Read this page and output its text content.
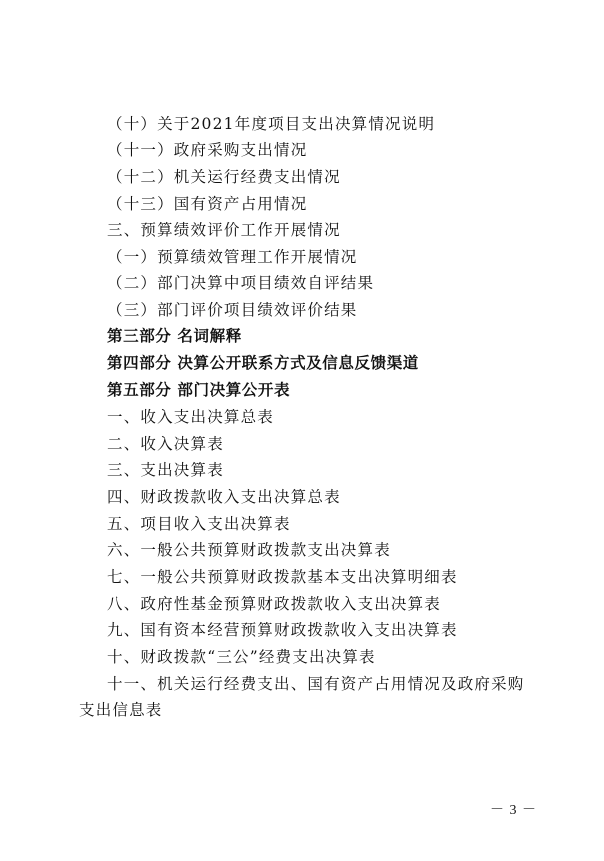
（十）关于2021年度项目支出决算情况说明
（十一）政府采购支出情况
（十二）机关运行经费支出情况
（十三）国有资产占用情况
三、预算绩效评价工作开展情况
（一）预算绩效管理工作开展情况
（二）部门决算中项目绩效自评结果
（三）部门评价项目绩效评价结果
第三部分 名词解释
第四部分 决算公开联系方式及信息反馈渠道
第五部分 部门决算公开表
一、收入支出决算总表
二、收入决算表
三、支出决算表
四、财政拨款收入支出决算总表
五、项目收入支出决算表
六、一般公共预算财政拨款支出决算表
七、一般公共预算财政拨款基本支出决算明细表
八、政府性基金预算财政拨款收入支出决算表
九、国有资本经营预算财政拨款收入支出决算表
十、财政拨款“三公”经费支出决算表
十一、机关运行经费支出、国有资产占用情况及政府采购
支出信息表
－ 3 －
